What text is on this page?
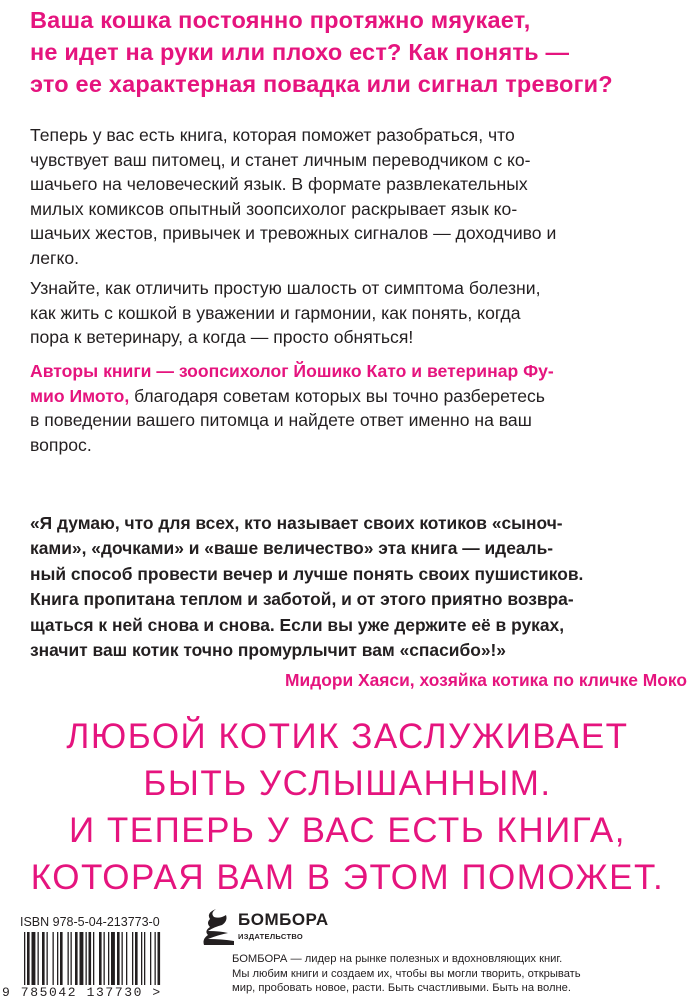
Ваша кошка постоянно протяжно мяукает,
не идет на руки или плохо ест? Как понять —
это ее характерная повадка или сигнал тревоги?

Теперь у вас есть книга, которая поможет разобраться, что
чувствует ваш питомец, и станет личным переводчиком с ко-
шачьего на человеческий язык. В формате развлекательных
милых комиксов опытный зоопсихолог раскрывает язык ко-
шачьих жестов, привычек и тревожных сигналов — доходчиво и
легко.

Узнайте, как отличить простую шалость от симптома болезни,
как жить с кошкой в уважении и гармонии, как понять, когда
пора к ветеринару, а когда — просто обняться!

Авторы книги — зоопсихолог Йошико Като и ветеринар Фу-
мио Имото, благодаря советам которых вы точно разберетесь
в поведении вашего питомца и найдете ответ именно на ваш
вопрос.

«Я думаю, что для всех, кто называет своих котиков «сыноч-
ками», «дочками» и «ваше величество» эта книга — идеаль-
ный способ провести вечер и лучше понять своих пушистиков.
Книга пропитана теплом и заботой, и от этого приятно возвра-
щаться к ней снова и снова. Если вы уже держите её в руках,
значит ваш котик точно промурлычит вам «спасибо»!»

Мидори Хаяси, хозяйка котика по кличке Моко

ЛЮБОЙ КОТИК ЗАСЛУЖИВАЕТ
БЫТЬ УСЛЫШАННЫМ.
И ТЕПЕРЬ У ВАС ЕСТЬ КНИГА,
КОТОРАЯ ВАМ В ЭТОМ ПОМОЖЕТ.
ISBN 978-5-04-213773-0
9 785042 137730 >
БОМБОРА
ИЗДАТЕЛЬСТВО

БОМБОРА — лидер на рынке полезных и вдохновляющих книг.
Мы любим книги и создаем их, чтобы вы могли творить, открывать
мир, пробовать новое, расти. Быть счастливыми. Быть на волне.
